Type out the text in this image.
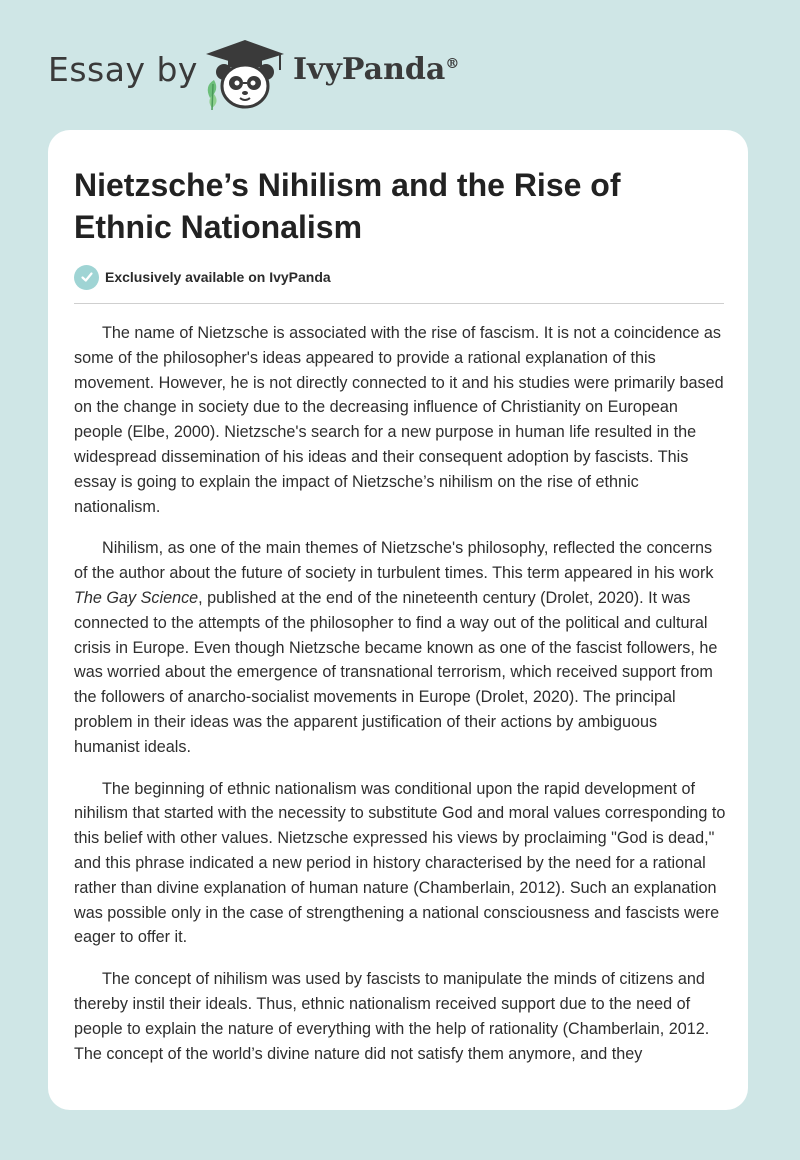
Essay by	IvyPanda®
Nietzsche’s Nihilism and the Rise of Ethnic Nationalism
Exclusively available on IvyPanda

The name of Nietzsche is associated with the rise of fascism. It is not a coincidence as some of the philosopher's ideas appeared to provide a rational explanation of this movement. However, he is not directly connected to it and his studies were primarily based on the change in society due to the decreasing influence of Christianity on European people (Elbe, 2000). Nietzsche's search for a new purpose in human life resulted in the widespread dissemination of his ideas and their consequent adoption by fascists. This essay is going to explain the impact of Nietzsche’s nihilism on the rise of ethnic nationalism.

Nihilism, as one of the main themes of Nietzsche's philosophy, reflected the concerns of the author about the future of society in turbulent times. This term appeared in his work The Gay Science, published at the end of the nineteenth century (Drolet, 2020). It was connected to the attempts of the philosopher to find a way out of the political and cultural crisis in Europe. Even though Nietzsche became known as one of the fascist followers, he was worried about the emergence of transnational terrorism, which received support from the followers of anarcho-socialist movements in Europe (Drolet, 2020). The principal problem in their ideas was the apparent justification of their actions by ambiguous humanist ideals.

The beginning of ethnic nationalism was conditional upon the rapid development of nihilism that started with the necessity to substitute God and moral values corresponding to this belief with other values. Nietzsche expressed his views by proclaiming "God is dead," and this phrase indicated a new period in history characterised by the need for a rational rather than divine explanation of human nature (Chamberlain, 2012). Such an explanation was possible only in the case of strengthening a national consciousness and fascists were eager to offer it.

The concept of nihilism was used by fascists to manipulate the minds of citizens and thereby instil their ideals. Thus, ethnic nationalism received support due to the need of people to explain the nature of everything with the help of rationality (Chamberlain, 2012. The concept of the world’s divine nature did not satisfy them anymore, and they
